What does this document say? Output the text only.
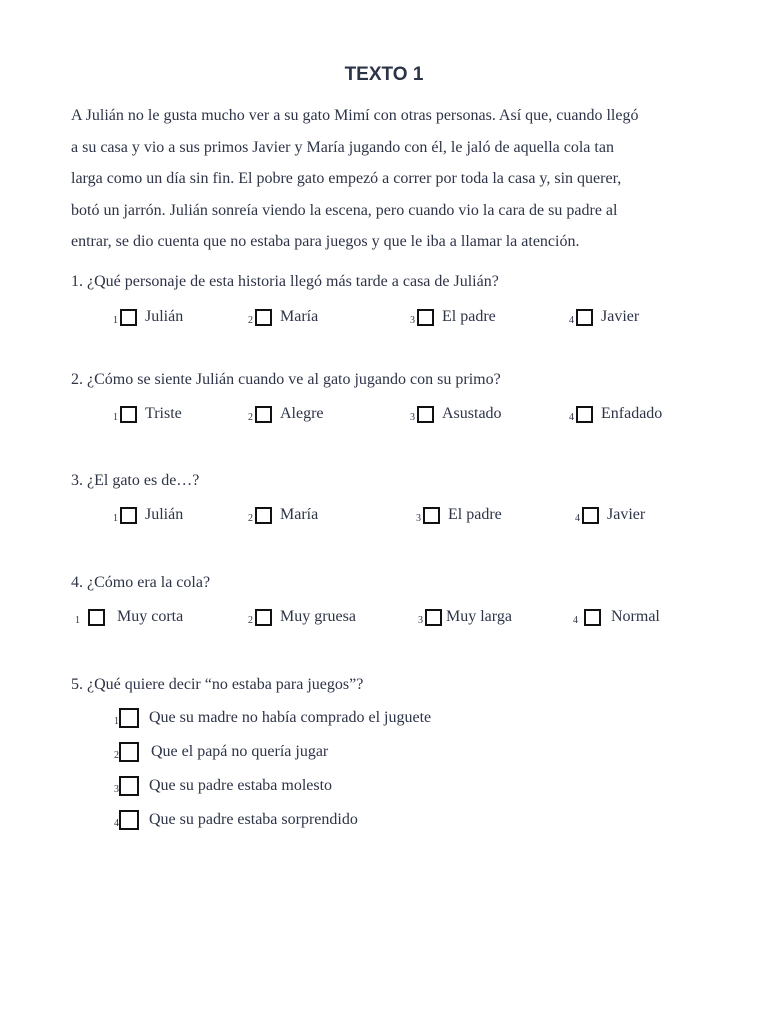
TEXTO 1
A Julián no le gusta mucho ver a su gato Mimí con otras personas. Así que, cuando llegó
a su casa y vio a sus primos Javier y María jugando con él, le jaló de aquella cola tan
larga como un día sin fin. El pobre gato empezó a correr por toda la casa y, sin querer,
botó un jarrón. Julián sonreía viendo la escena, pero cuando vio la cara de su padre al
entrar, se dio cuenta que no estaba para juegos y que le iba a llamar la atención.
1. ¿Qué personaje de esta historia llegó más tarde a casa de Julián?
1 Julián	2 María	3 El padre	4 Javier
2. ¿Cómo se siente Julián cuando ve al gato jugando con su primo?
1 Triste	2 Alegre	3 Asustado	4 Enfadado
3. ¿El gato es de…?
1 Julián	2 María	3 El padre	4 Javier
4. ¿Cómo era la cola?
1 Muy corta	2 Muy gruesa	3 Muy larga	4 Normal
5. ¿Qué quiere decir “no estaba para juegos”?
1 Que su madre no había comprado el juguete
2 Que el papá no quería jugar
3 Que su padre estaba molesto
4 Que su padre estaba sorprendido
